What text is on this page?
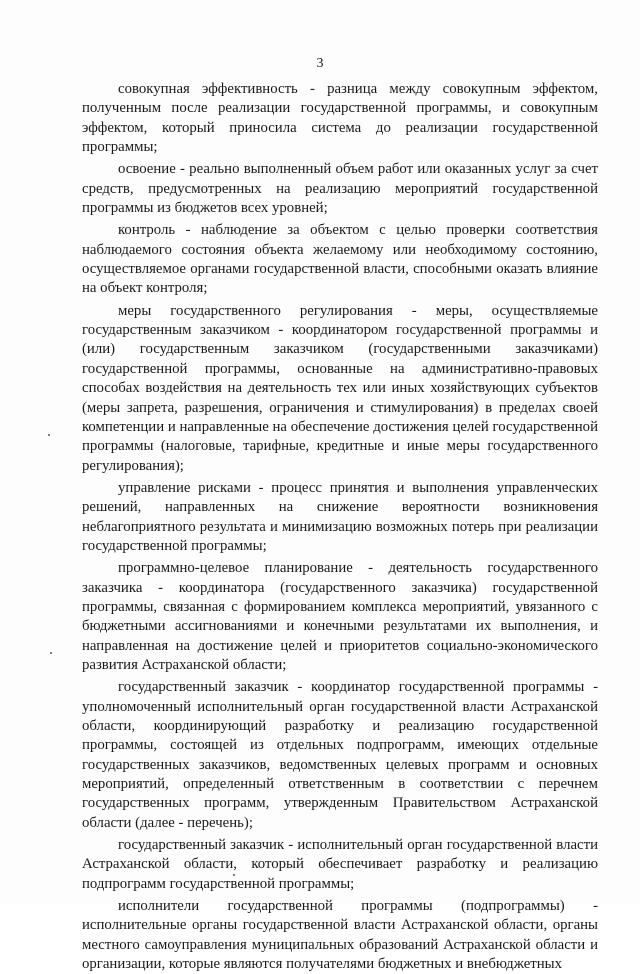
3

совокупная эффективность - разница между совокупным эффектом, полученным после реализации государственной программы, и совокупным эффектом, который приносила система до реализации государственной программы;

освоение - реально выполненный объем работ или оказанных услуг за счет средств, предусмотренных на реализацию мероприятий государственной программы из бюджетов всех уровней;

контроль - наблюдение за объектом с целью проверки соответствия наблюдаемого состояния объекта желаемому или необходимому состоянию, осуществляемое органами государственной власти, способными оказать влияние на объект контроля;

меры государственного регулирования - меры, осуществляемые государственным заказчиком - координатором государственной программы и (или) государственным заказчиком (государственными заказчиками) государственной программы, основанные на административно-правовых способах воздействия на деятельность тех или иных хозяйствующих субъектов (меры запрета, разрешения, ограничения и стимулирования) в пределах своей компетенции и направленные на обеспечение достижения целей государственной программы (налоговые, тарифные, кредитные и иные меры государственного регулирования);

управление рисками - процесс принятия и выполнения управленческих решений, направленных на снижение вероятности возникновения неблагоприятного результата и минимизацию возможных потерь при реализации государственной программы;

программно-целевое планирование - деятельность государственного заказчика - координатора (государственного заказчика) государственной программы, связанная с формированием комплекса мероприятий, увязанного с бюджетными ассигнованиями и конечными результатами их выполнения, и направленная на достижение целей и приоритетов социально-экономического развития Астраханской области;

государственный заказчик - координатор государственной программы - уполномоченный исполнительный орган государственной власти Астраханской области, координирующий разработку и реализацию государственной программы, состоящей из отдельных подпрограмм, имеющих отдельные государственных заказчиков, ведомственных целевых программ и основных мероприятий, определенный ответственным в соответствии с перечнем государственных программ, утвержденным Правительством Астраханской области (далее - перечень);

государственный заказчик - исполнительный орган государственной власти Астраханской области, который обеспечивает разработку и реализацию подпрограмм государственной программы;

исполнители государственной программы (подпрограммы) - исполнительные органы государственной власти Астраханской области, органы местного самоуправления муниципальных образований Астраханской области и организации, которые являются получателями бюджетных и внебюджетных
